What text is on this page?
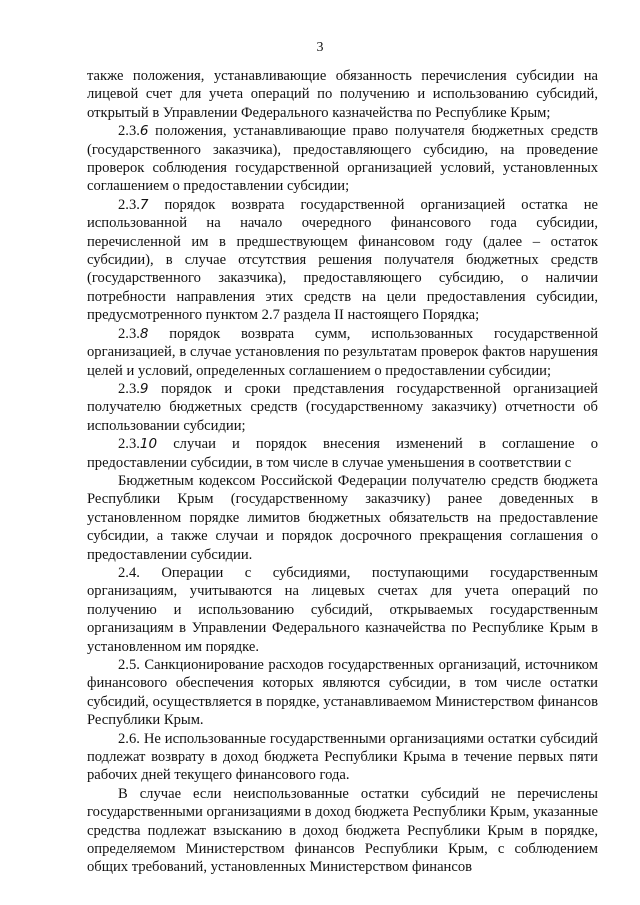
3

также положения, устанавливающие обязанность перечисления субсидии на лицевой счет для учета операций по получению и использованию субсидий, открытый в Управлении Федерального казначейства по Республике Крым;

2.3.6 положения, устанавливающие право получателя бюджетных средств (государственного заказчика), предоставляющего субсидию, на проведение проверок соблюдения государственной организацией условий, установленных соглашением о предоставлении субсидии;

2.3.7 порядок возврата государственной организацией остатка не использованной на начало очередного финансового года субсидии, перечисленной им в предшествующем финансовом году (далее – остаток субсидии), в случае отсутствия решения получателя бюджетных средств (государственного заказчика), предоставляющего субсидию, о наличии потребности направления этих средств на цели предоставления субсидии, предусмотренного пунктом 2.7 раздела II настоящего Порядка;

2.3.8 порядок возврата сумм, использованных государственной организацией, в случае установления по результатам проверок фактов нарушения целей и условий, определенных соглашением о предоставлении субсидии;

2.3.9 порядок и сроки представления государственной организацией получателю бюджетных средств (государственному заказчику) отчетности об использовании субсидии;

2.3.10 случаи и порядок внесения изменений в соглашение о предоставлении субсидии, в том числе в случае уменьшения в соответствии с

Бюджетным кодексом Российской Федерации получателю средств бюджета Республики Крым (государственному заказчику) ранее доведенных в установленном порядке лимитов бюджетных обязательств на предоставление субсидии, а также случаи и порядок досрочного прекращения соглашения о предоставлении субсидии.

2.4. Операции с субсидиями, поступающими государственным организациям, учитываются на лицевых счетах для учета операций по получению и использованию субсидий, открываемых государственным организациям в Управлении Федерального казначейства по Республике Крым в установленном им порядке.

2.5. Санкционирование расходов государственных организаций, источником финансового обеспечения которых являются субсидии, в том числе остатки субсидий, осуществляется в порядке, устанавливаемом Министерством финансов Республики Крым.

2.6. Не использованные государственными организациями остатки субсидий подлежат возврату в доход бюджета Республики Крыма в течение первых пяти рабочих дней текущего финансового года.

В случае если неиспользованные остатки субсидий не перечислены государственными организациями в доход бюджета Республики Крым, указанные средства подлежат взысканию в доход бюджета Республики Крым в порядке, определяемом Министерством финансов Республики Крым, с соблюдением общих требований, установленных Министерством финансов
